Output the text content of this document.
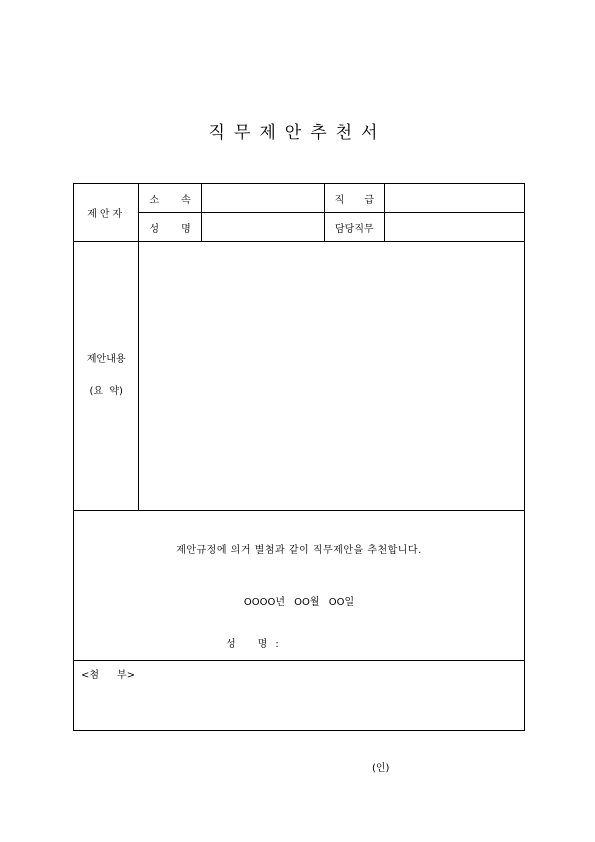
직무제안추천서
제안자	소 속		직 급	

	성 명		담당직무	

제안내용
(요  약)				

제안규정에 의거 별첨과 같이 직무제안을 추천합니다.
OOOO년 OO월 OO일
성 명 :
(인)				

<첨 부>				
